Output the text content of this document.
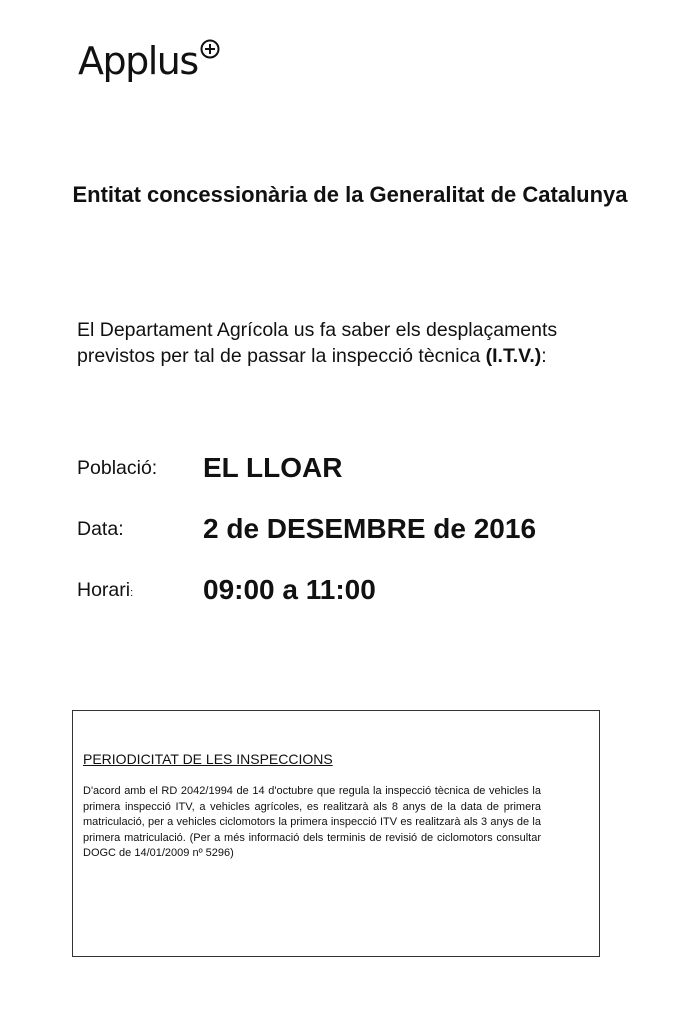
Applus
Entitat concessionària de la Generalitat de Catalunya
El Departament Agrícola us fa saber els desplaçaments previstos per tal de passar la inspecció tècnica (I.T.V.):
Població: EL LLOAR
Data:	2 de DESEMBRE de 2016
Horari: 09:00 a 11:00
PERIODICITAT DE LES INSPECCIONS
D'acord amb el RD 2042/1994 de 14 d'octubre que regula la inspecció tècnica de vehicles la primera inspecció ITV, a vehicles agrícoles, es realitzarà als 8 anys de la data de primera matriculació, per a vehicles ciclomotors la primera inspecció ITV es realitzarà als 3 anys de la primera matriculació. (Per a més informació dels terminis de revisió de ciclomotors consultar DOGC de 14/01/2009 nº 5296)
